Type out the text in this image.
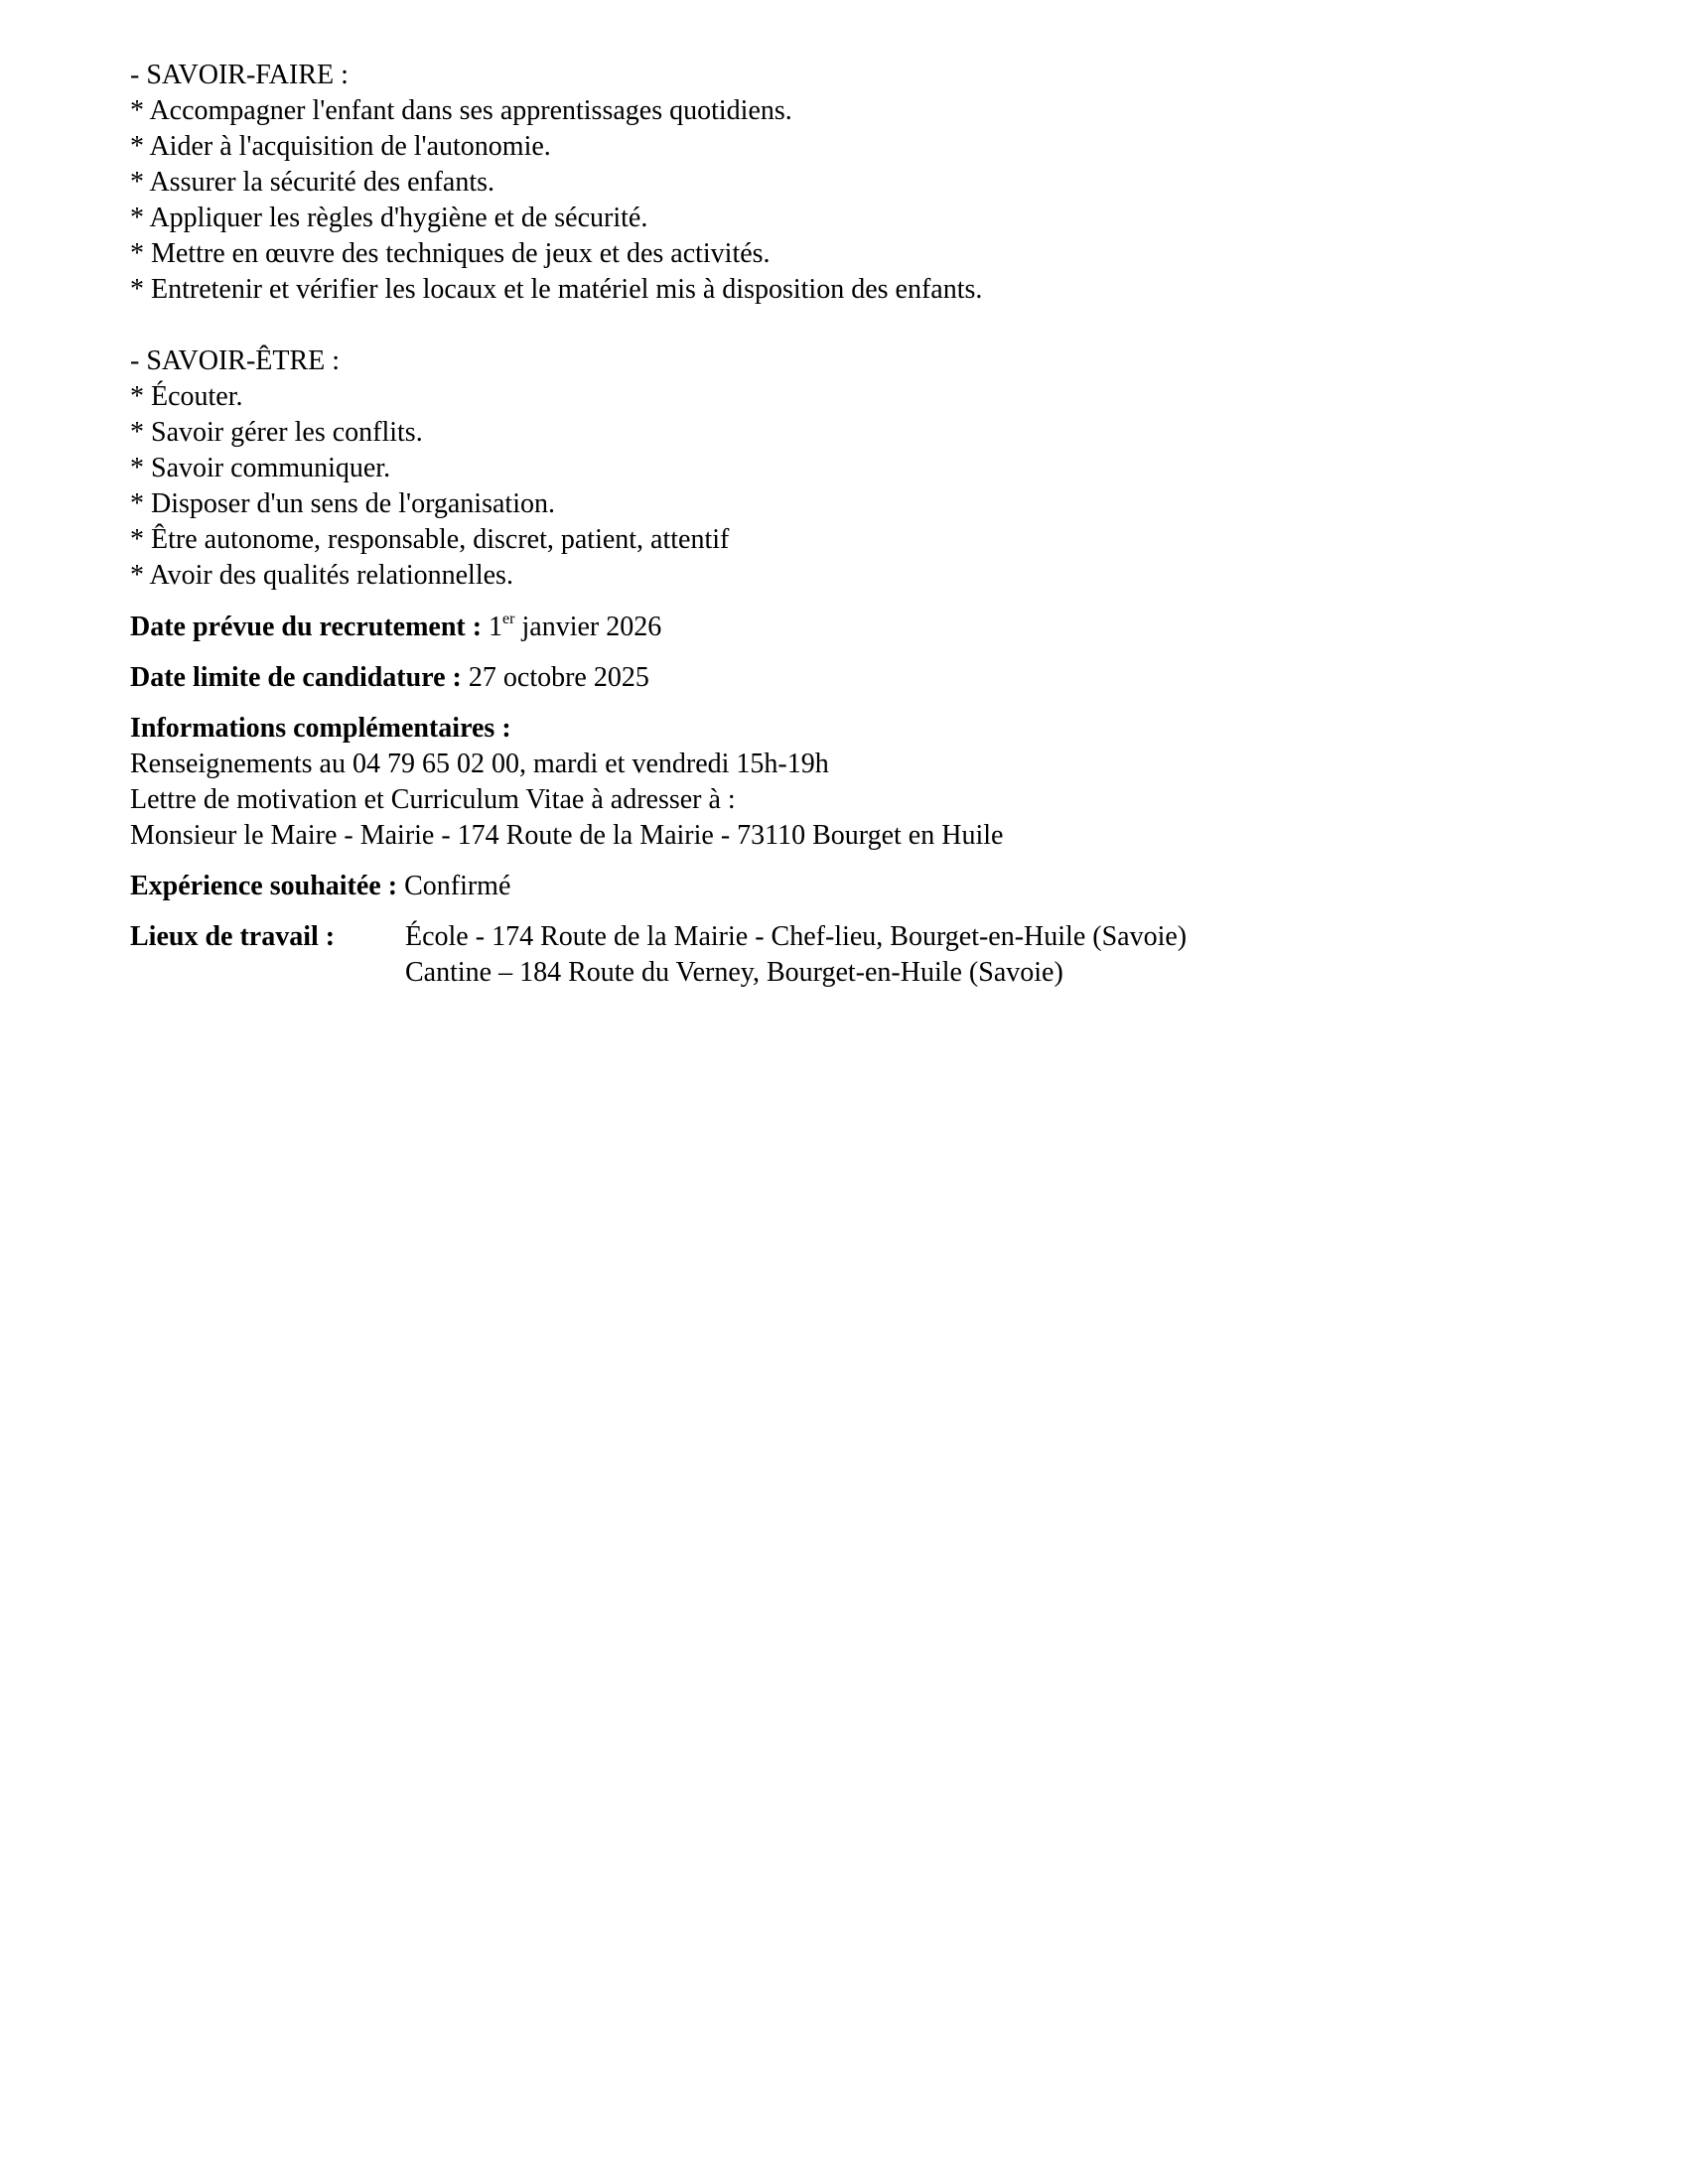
- SAVOIR-FAIRE :
* Accompagner l'enfant dans ses apprentissages quotidiens.
* Aider à l'acquisition de l'autonomie.
* Assurer la sécurité des enfants.
* Appliquer les règles d'hygiène et de sécurité.
* Mettre en œuvre des techniques de jeux et des activités.
* Entretenir et vérifier les locaux et le matériel mis à disposition des enfants.
- SAVOIR-ÊTRE :
* Écouter.
* Savoir gérer les conflits.
* Savoir communiquer.
* Disposer d'un sens de l'organisation.
* Être autonome, responsable, discret, patient, attentif
* Avoir des qualités relationnelles.
Date prévue du recrutement : 1er janvier 2026
Date limite de candidature : 27 octobre 2025
Informations complémentaires :
Renseignements au 04 79 65 02 00, mardi et vendredi 15h-19h
Lettre de motivation et Curriculum Vitae à adresser à :
Monsieur le Maire - Mairie - 174 Route de la Mairie - 73110 Bourget en Huile
Expérience souhaitée : Confirmé
Lieux de travail :	École - 174 Route de la Mairie - Chef-lieu, Bourget-en-Huile (Savoie)
Cantine – 184 Route du Verney, Bourget-en-Huile (Savoie)
